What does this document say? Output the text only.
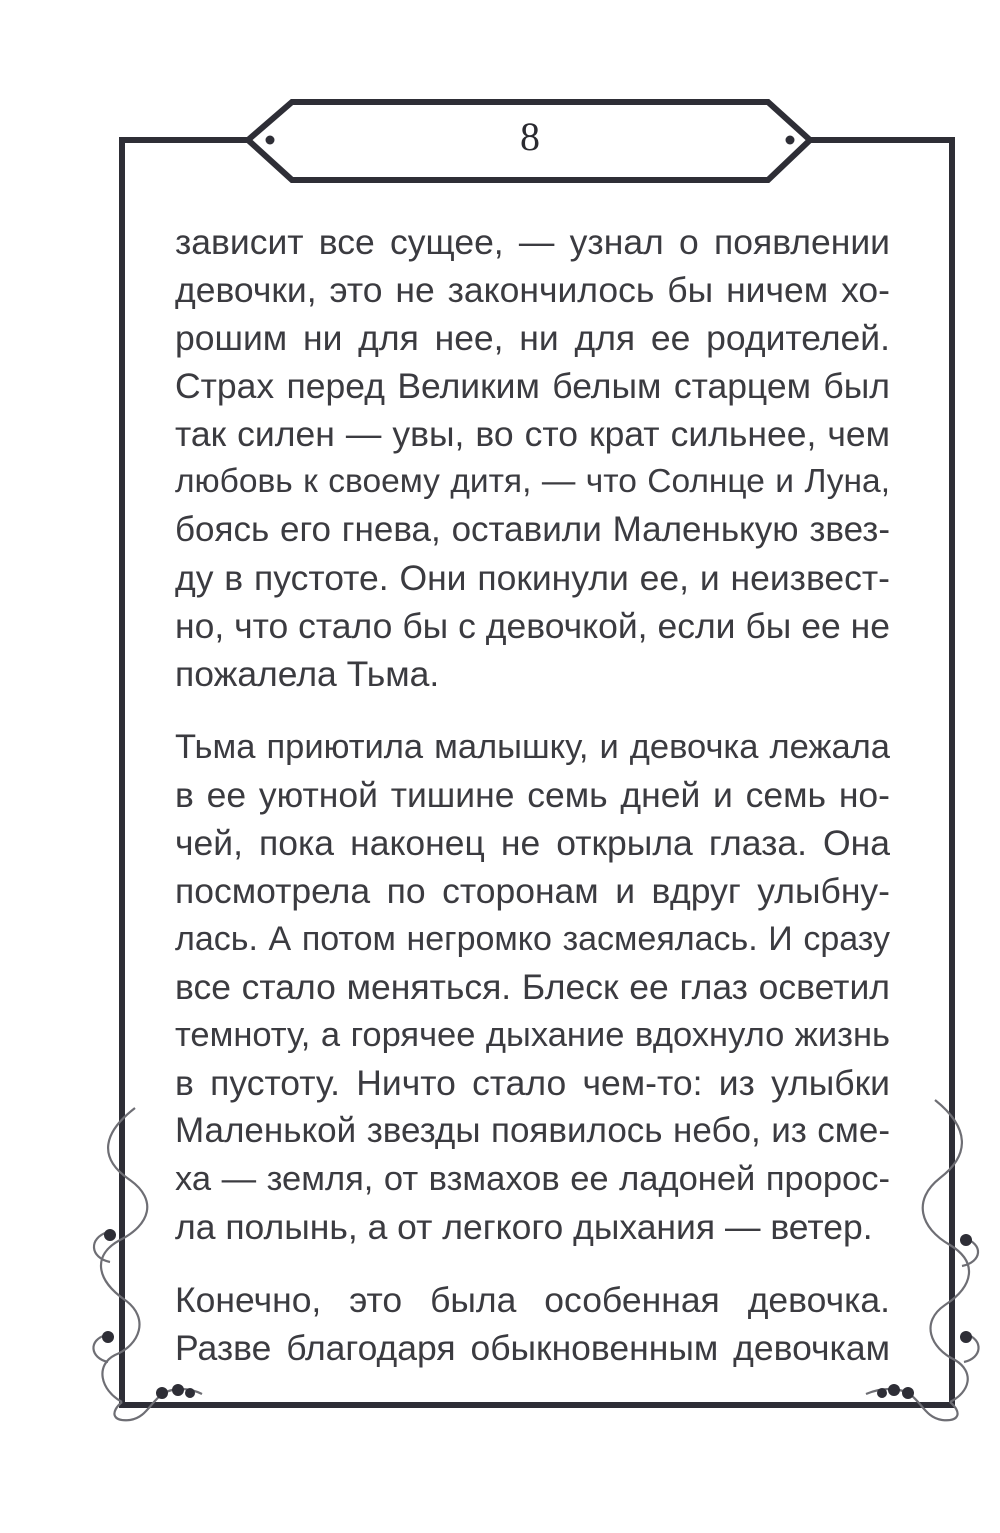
8
зависит все сущее, — узнал о появлении
девочки, это не закончилось бы ничем хо-
рошим ни для нее, ни для ее родителей.
Страх перед Великим белым старцем был
так силен — увы, во сто крат сильнее, чем
любовь к своему дитя, — что Солнце и Луна,
боясь его гнева, оставили Маленькую звез-
ду в пустоте. Они покинули ее, и неизвест-
но, что стало бы с девочкой, если бы ее не
пожалела Тьма.
Тьма приютила малышку, и девочка лежала
в ее уютной тишине семь дней и семь но-
чей, пока наконец не открыла глаза. Она
посмотрела по сторонам и вдруг улыбну-
лась. А потом негромко засмеялась. И сразу
все стало меняться. Блеск ее глаз осветил
темноту, а горячее дыхание вдохнуло жизнь
в пустоту. Ничто стало чем-то: из улыбки
Маленькой звезды появилось небо, из сме-
ха — земля, от взмахов ее ладоней пророс-
ла полынь, а от легкого дыхания — ветер.
Конечно, это была особенная девочка.
Разве благодаря обыкновенным девочкам
